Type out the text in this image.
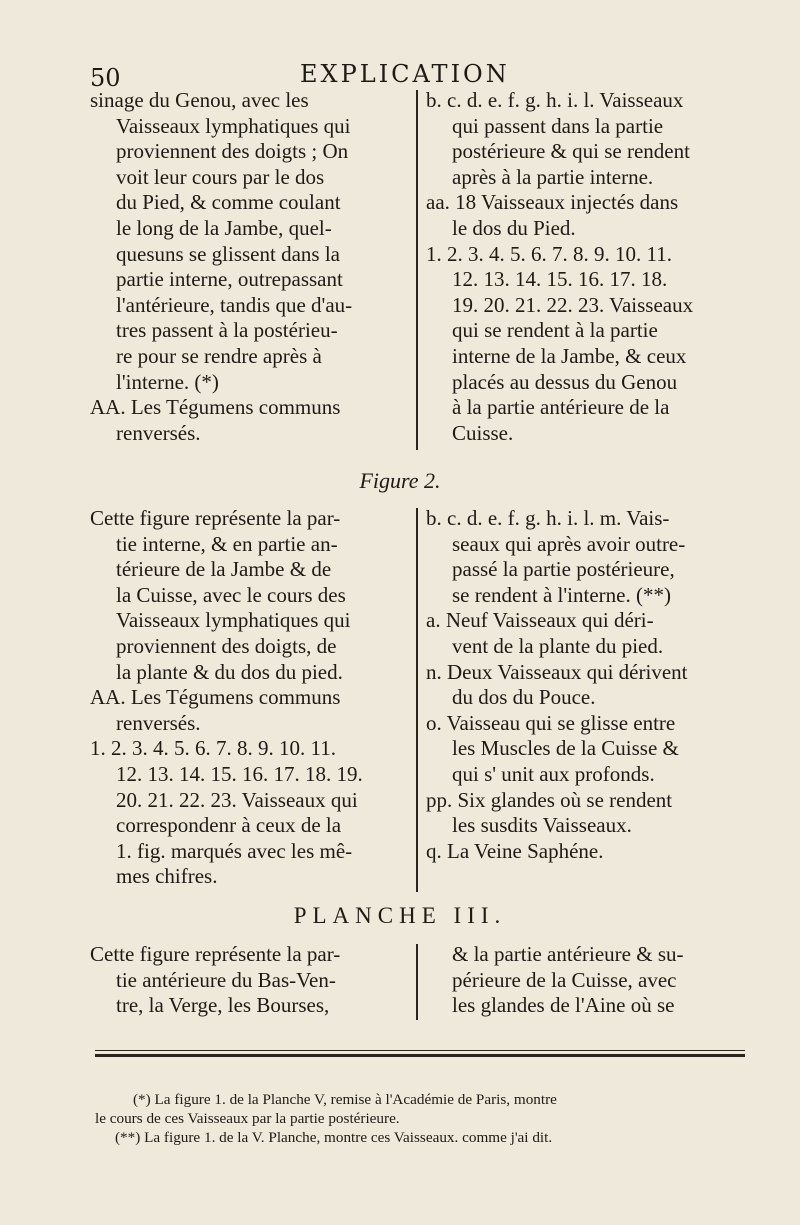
50	EXPLICATION
sinage du Genou, avec les
Vaisseaux lymphatiques qui
proviennent des doigts ; On
voit leur cours par le dos
du Pied, & comme coulant
le long de la Jambe, quel-
quesuns se glissent dans la
partie interne, outrepassant
l'antérieure, tandis que d'au-
tres passent à la postérieu-
re pour se rendre après à
l'interne. (*)
AA. Les Tégumens communs
renversés.
b. c. d. e. f. g. h. i. l. Vaisseaux
qui passent dans la partie
postérieure & qui se rendent
après à la partie interne.
aa. 18 Vaisseaux injectés dans
le dos du Pied.
1. 2. 3. 4. 5. 6. 7. 8. 9. 10. 11.
12. 13. 14. 15. 16. 17. 18.
19. 20. 21. 22. 23. Vaisseaux
qui se rendent à la partie
interne de la Jambe, & ceux
placés au dessus du Genou
à la partie antérieure de la
Cuisse.
Figure 2.
Cette figure représente la par-
tie interne, & en partie an-
térieure de la Jambe & de
la Cuisse, avec le cours des
Vaisseaux lymphatiques qui
proviennent des doigts, de
la plante & du dos du pied.
AA. Les Tégumens communs
renversés.
1. 2. 3. 4. 5. 6. 7. 8. 9. 10. 11.
12. 13. 14. 15. 16. 17. 18. 19.
20. 21. 22. 23. Vaisseaux qui
correspondenr à ceux de la
1. fig. marqués avec les mê-
mes chifres.
b. c. d. e. f. g. h. i. l. m. Vais-
seaux qui après avoir outre-
passé la partie postérieure,
se rendent à l'interne. (**)
a. Neuf Vaisseaux qui déri-
vent de la plante du pied.
n. Deux Vaisseaux qui dérivent
du dos du Pouce.
o. Vaisseau qui se glisse entre
les Muscles de la Cuisse &
qui s' unit aux profonds.
pp. Six glandes où se rendent
les susdits Vaisseaux.
q. La Veine Saphéne.
PLANCHE III.
Cette figure représente la par-
tie antérieure du Bas-Ven-
tre, la Verge, les Bourses,
& la partie antérieure & su-
périeure de la Cuisse, avec
les glandes de l'Aine où se
(*) La figure 1. de la Planche V, remise à l'Académie de Paris, montre
le cours de ces Vaisseaux par la partie postérieure.
(**) La figure 1. de la V. Planche, montre ces Vaisseaux. comme j'ai dit.
